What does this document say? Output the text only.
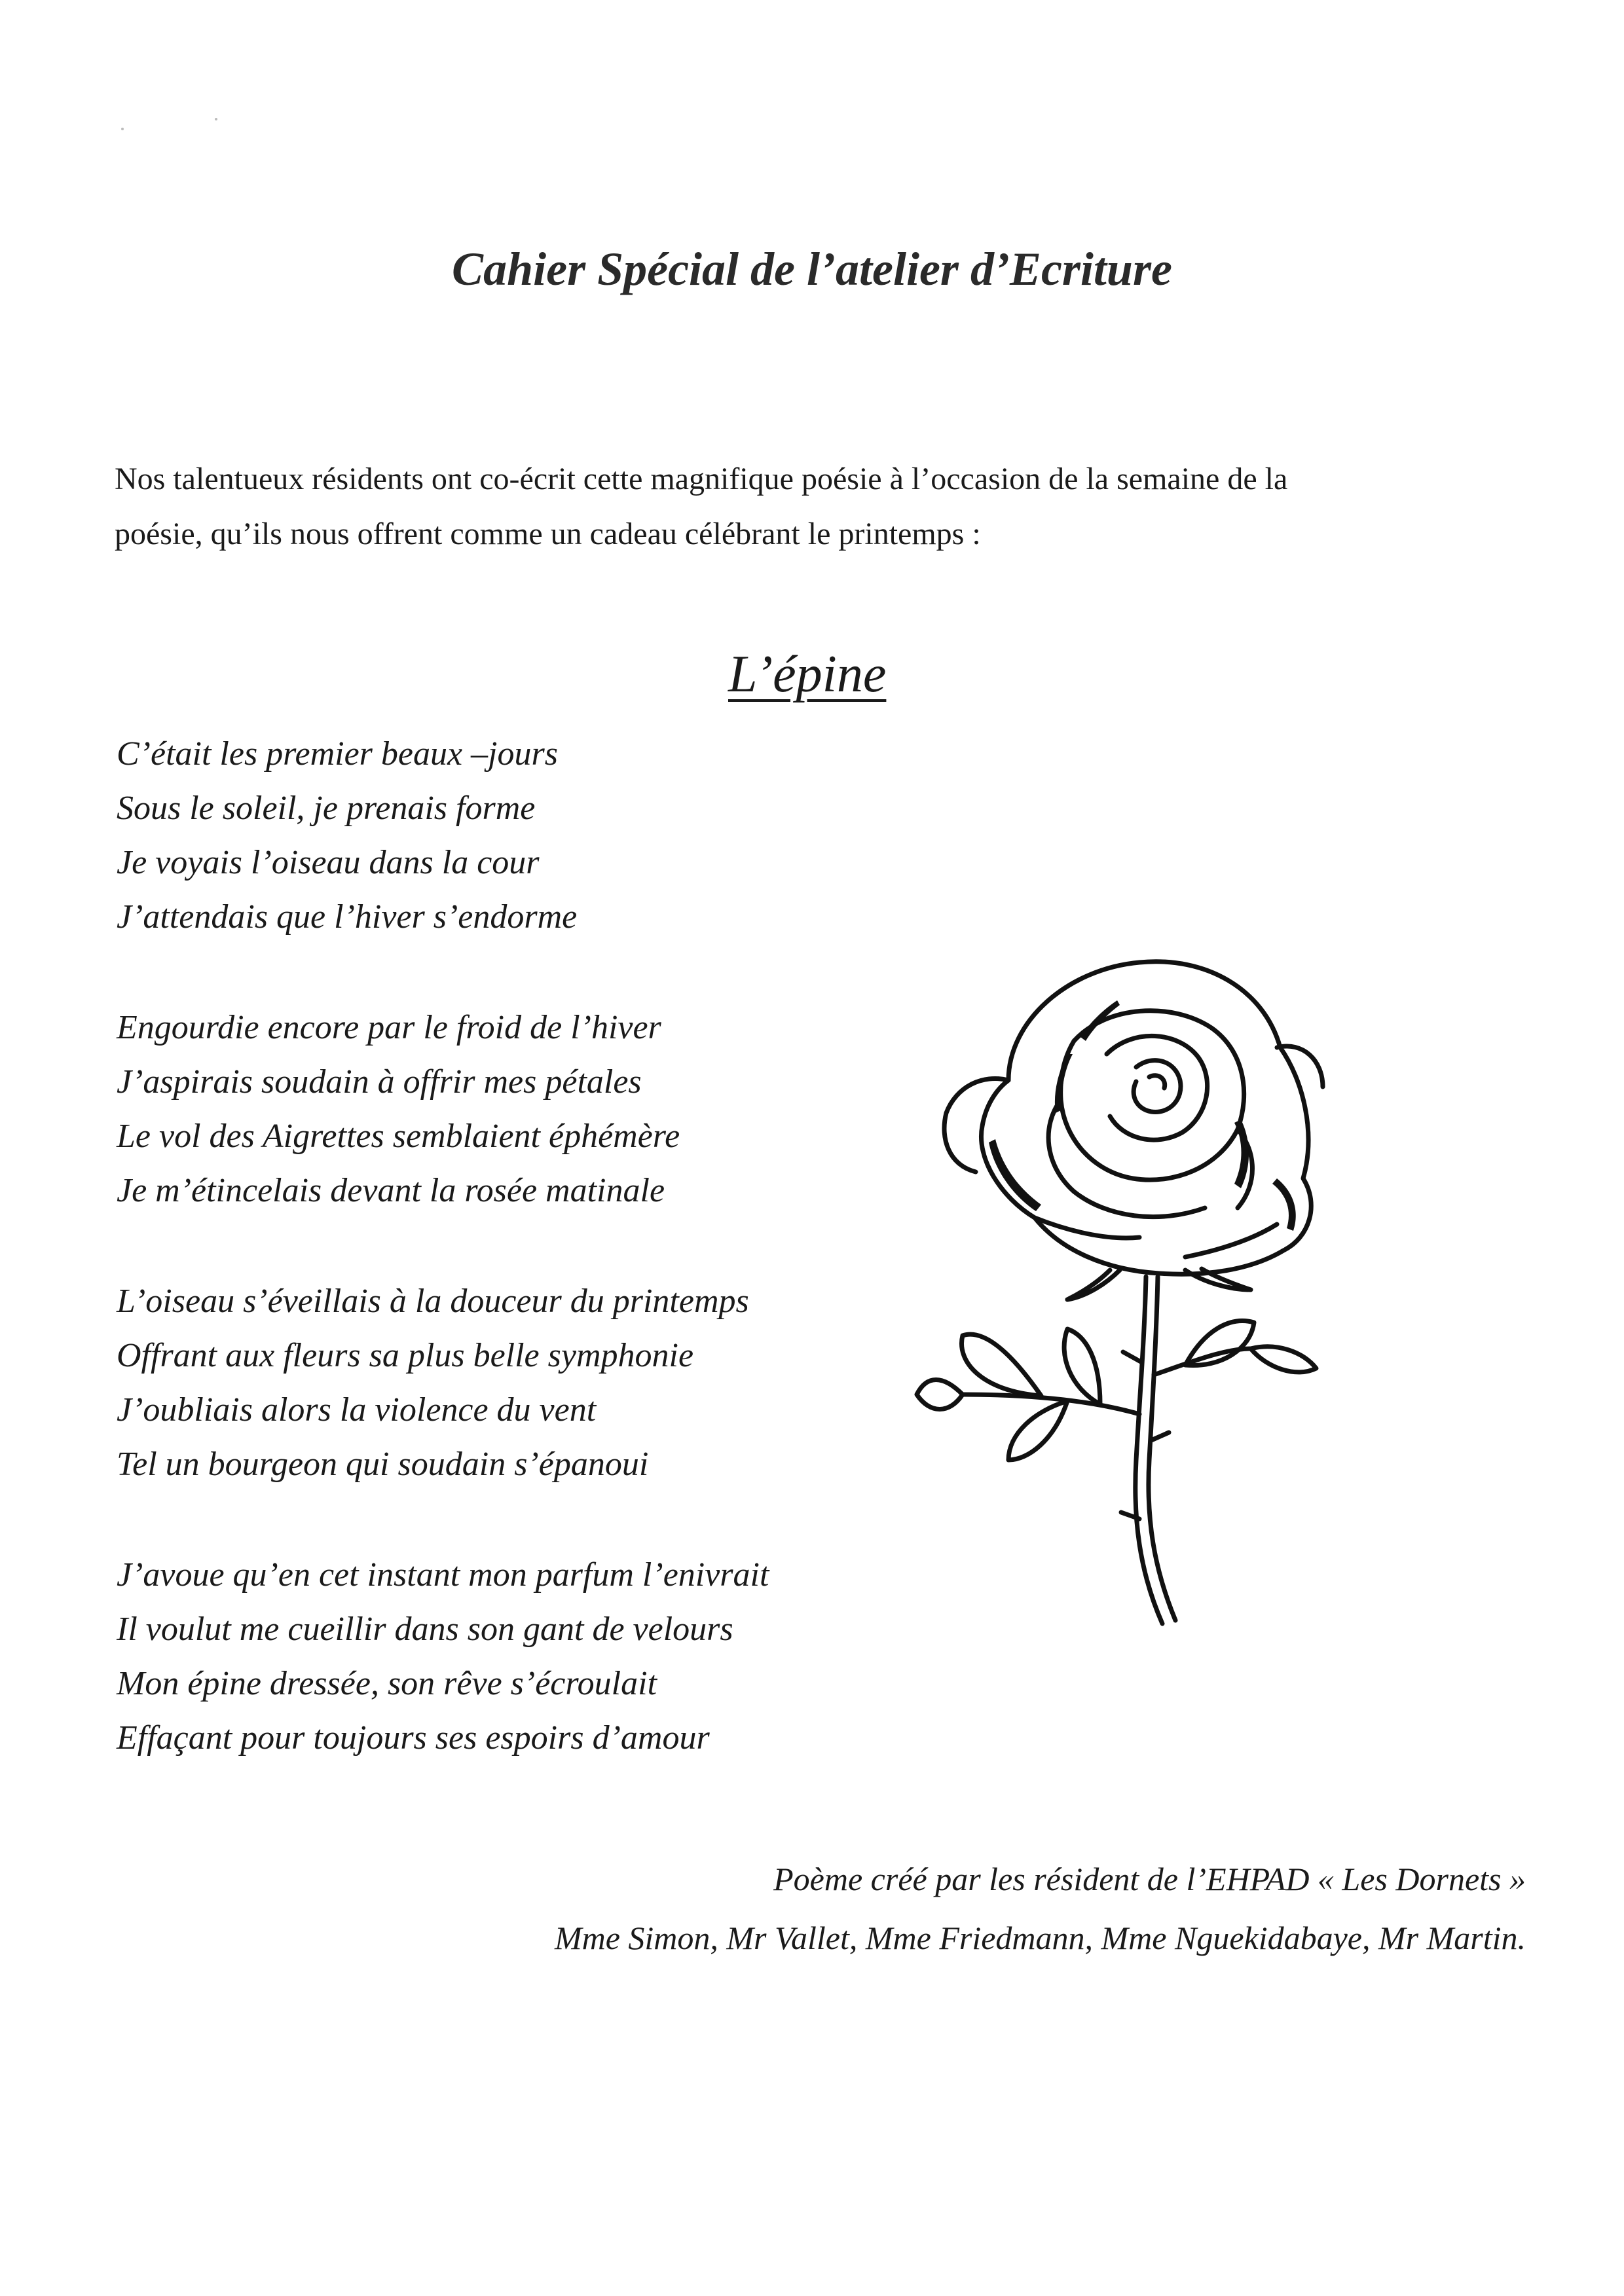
Cahier Spécial de l’atelier d’Ecriture
Nos talentueux résidents ont co-écrit cette magnifique poésie à l’occasion de la semaine de la
poésie, qu’ils nous offrent comme un cadeau célébrant le printemps :
L’épine
C’était les premier beaux –jours
Sous le soleil, je prenais forme
Je voyais l’oiseau dans la cour
J’attendais que l’hiver s’endorme
Engourdie encore par le froid de l’hiver
J’aspirais soudain à offrir mes pétales
Le vol des Aigrettes semblaient éphémère
Je m’étincelais devant la rosée matinale
L’oiseau s’éveillais à la douceur du printemps
Offrant aux fleurs sa plus belle symphonie
J’oubliais alors la violence du vent
Tel un bourgeon qui soudain s’épanoui
J’avoue qu’en cet instant mon parfum l’enivrait
Il voulut me cueillir dans son gant de velours
Mon épine dressée, son rêve s’écroulait
Effaçant pour toujours ses espoirs d’amour
Poème créé par les résident de l’EHPAD « Les Dornets »
Mme Simon, Mr Vallet, Mme Friedmann, Mme Nguekidabaye, Mr Martin.
